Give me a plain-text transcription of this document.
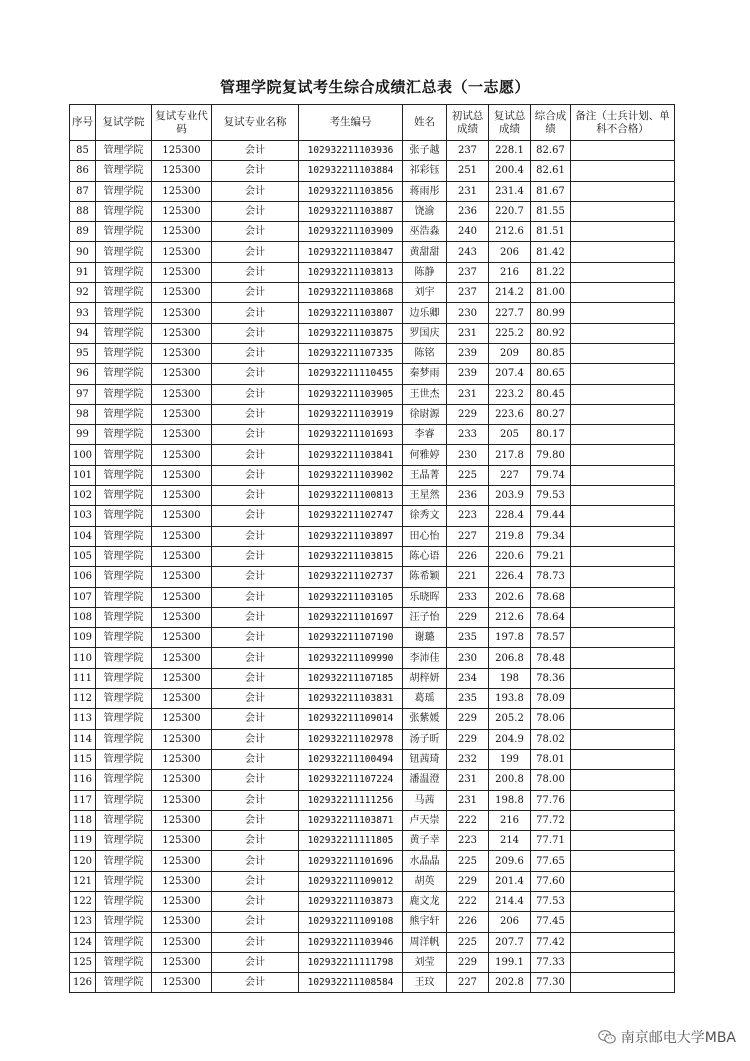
管理学院复试考生综合成绩汇总表（一志愿）
序号	复试学院	复试专业代码	复试专业名称	考生编号	姓名	初试总成绩	复试总成绩	综合成绩	备注（士兵计划、单科不合格）
85	管理学院	125300	会计	102932211103936	张子越	237	228.1	82.67	
86	管理学院	125300	会计	102932211103884	祁彩钰	251	200.4	82.61	
87	管理学院	125300	会计	102932211103856	蒋雨彤	231	231.4	81.67	
88	管理学院	125300	会计	102932211103887	饶渝	236	220.7	81.55	
89	管理学院	125300	会计	102932211103909	巫浩淼	240	212.6	81.51	
90	管理学院	125300	会计	102932211103847	黄甜甜	243	206	81.42	
91	管理学院	125300	会计	102932211103813	陈静	237	216	81.22	
92	管理学院	125300	会计	102932211103868	刘宇	237	214.2	81.00	
93	管理学院	125300	会计	102932211103807	边乐卿	230	227.7	80.99	
94	管理学院	125300	会计	102932211103875	罗国庆	231	225.2	80.92	
95	管理学院	125300	会计	102932211107335	陈铭	239	209	80.85	
96	管理学院	125300	会计	102932211110455	秦梦雨	239	207.4	80.65	
97	管理学院	125300	会计	102932211103905	王世杰	231	223.2	80.45	
98	管理学院	125300	会计	102932211103919	徐尉源	229	223.6	80.27	
99	管理学院	125300	会计	102932211101693	李睿	233	205	80.17	
100	管理学院	125300	会计	102932211103841	何雅婷	230	217.8	79.80	
101	管理学院	125300	会计	102932211103902	王晶菁	225	227	79.74	
102	管理学院	125300	会计	102932211100813	王星然	236	203.9	79.53	
103	管理学院	125300	会计	102932211102747	徐秀文	223	228.4	79.44	
104	管理学院	125300	会计	102932211103897	田心怡	227	219.8	79.34	
105	管理学院	125300	会计	102932211103815	陈心语	226	220.6	79.21	
106	管理学院	125300	会计	102932211102737	陈希颖	221	226.4	78.73	
107	管理学院	125300	会计	102932211103105	乐晓晖	233	202.6	78.68	
108	管理学院	125300	会计	102932211101697	汪子怡	229	212.6	78.64	
109	管理学院	125300	会计	102932211107190	谢璐	235	197.8	78.57	
110	管理学院	125300	会计	102932211109990	李沛佳	230	206.8	78.48	
111	管理学院	125300	会计	102932211107185	胡梓妍	234	198	78.36	
112	管理学院	125300	会计	102932211103831	葛瑶	235	193.8	78.09	
113	管理学院	125300	会计	102932211109014	张紫媛	229	205.2	78.06	
114	管理学院	125300	会计	102932211102978	汤子昕	229	204.9	78.02	
115	管理学院	125300	会计	102932211100494	钮茜琦	232	199	78.01	
116	管理学院	125300	会计	102932211107224	潘温澄	231	200.8	78.00	
117	管理学院	125300	会计	102932211111256	马茜	231	198.8	77.76	
118	管理学院	125300	会计	102932211103871	卢天崇	222	216	77.72	
119	管理学院	125300	会计	102932211111805	黄子幸	223	214	77.71	
120	管理学院	125300	会计	102932211101696	水晶晶	225	209.6	77.65	
121	管理学院	125300	会计	102932211109012	胡英	229	201.4	77.60	
122	管理学院	125300	会计	102932211103873	鹿文龙	222	214.4	77.53	
123	管理学院	125300	会计	102932211109108	熊宇轩	226	206	77.45	
124	管理学院	125300	会计	102932211103946	周洋帆	225	207.7	77.42	
125	管理学院	125300	会计	102932211111798	刘莹	229	199.1	77.33	
126	管理学院	125300	会计	102932211108584	王玟	227	202.8	77.30	
南京邮电大学MBA
